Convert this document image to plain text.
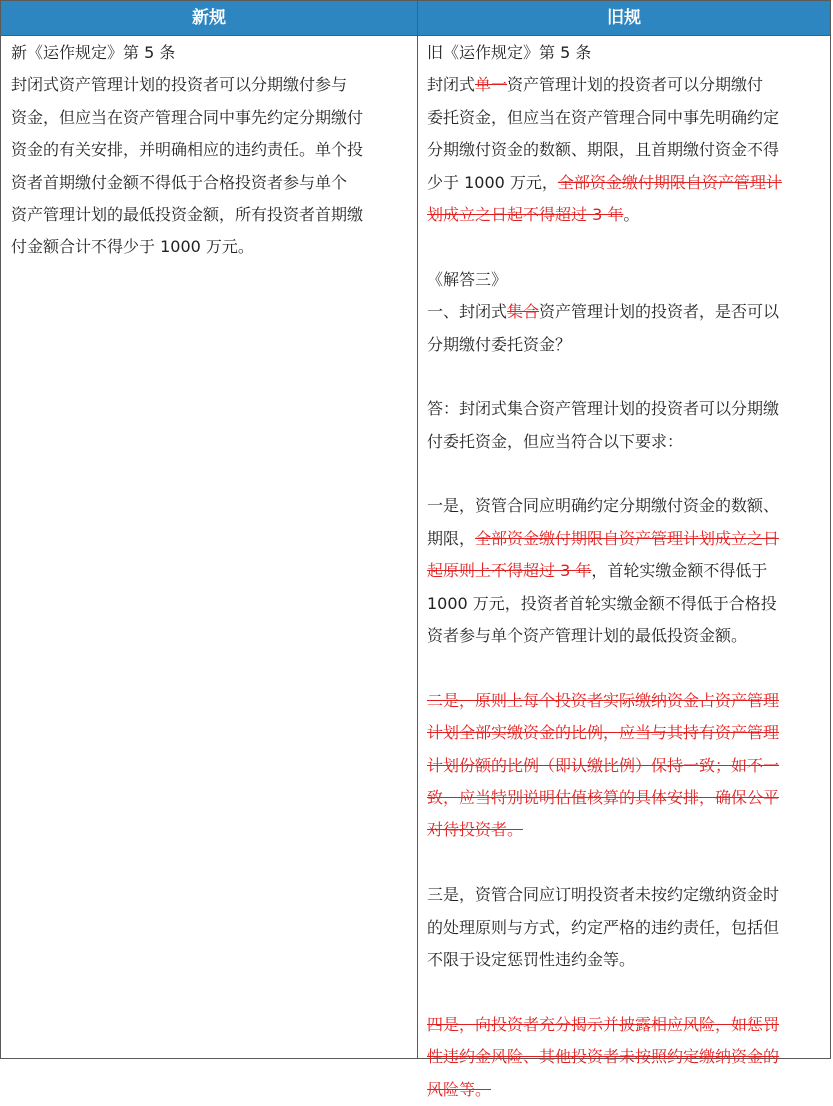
新规	旧规
新《运作规定》第 5 条
封闭式资产管理计划的投资者可以分期缴付参与
资金，但应当在资产管理合同中事先约定分期缴付
资金的有关安排，并明确相应的违约责任。单个投
资者首期缴付金额不得低于合格投资者参与单个
资产管理计划的最低投资金额，所有投资者首期缴
付金额合计不得少于 1000 万元。
旧《运作规定》第 5 条
封闭式单一资产管理计划的投资者可以分期缴付
委托资金，但应当在资产管理合同中事先明确约定
分期缴付资金的数额、期限，且首期缴付资金不得
少于 1000 万元，全部资金缴付期限自资产管理计
划成立之日起不得超过 3 年。
《解答三》
一、封闭式集合资产管理计划的投资者，是否可以
分期缴付委托资金？
答：封闭式集合资产管理计划的投资者可以分期缴
付委托资金，但应当符合以下要求：
一是，资管合同应明确约定分期缴付资金的数额、
期限，全部资金缴付期限自资产管理计划成立之日
起原则上不得超过 3 年，首轮实缴金额不得低于
1000 万元，投资者首轮实缴金额不得低于合格投
资者参与单个资产管理计划的最低投资金额。
二是，原则上每个投资者实际缴纳资金占资产管理
计划全部实缴资金的比例，应当与其持有资产管理
计划份额的比例（即认缴比例）保持一致；如不一
致，应当特别说明估值核算的具体安排，确保公平
对待投资者。
三是，资管合同应订明投资者未按约定缴纳资金时
的处理原则与方式，约定严格的违约责任，包括但
不限于设定惩罚性违约金等。
四是，向投资者充分揭示并披露相应风险，如惩罚
性违约金风险、其他投资者未按照约定缴纳资金的
风险等。
